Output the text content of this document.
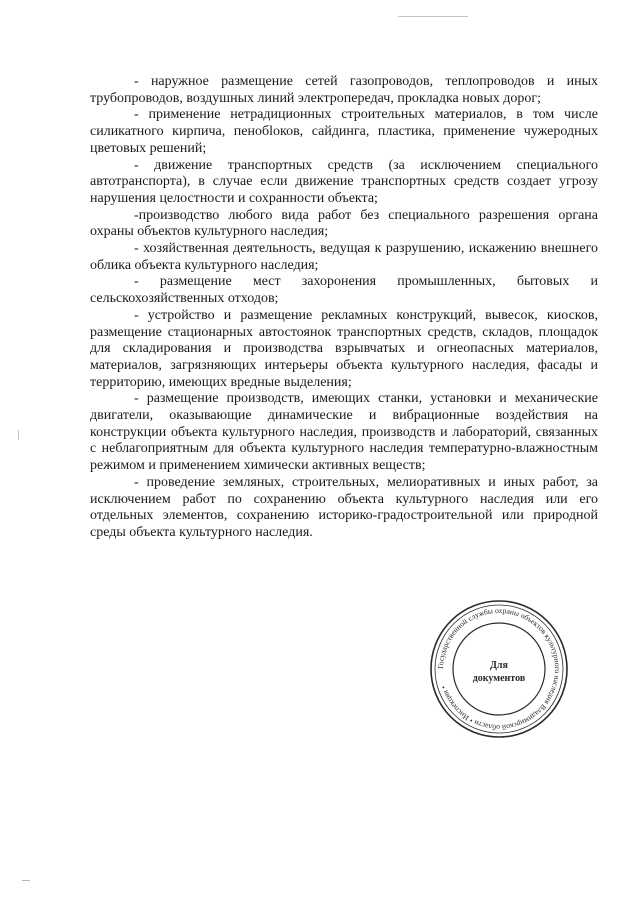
- наружное размещение сетей газопроводов, теплопроводов и иных трубопроводов, воздушных линий электропередач, прокладка новых дорог;

- применение нетрадиционных строительных материалов, в том числе силикатного кирпича, пенобloков, сайдинга, пластика, применение чужеродных цветовых решений;

- движение транспортных средств (за исключением специального автотранспорта), в случае если движение транспортных средств создает угрозу нарушения целостности и сохранности объекта;

-производство любого вида работ без специального разрешения органа охраны объектов культурного наследия;

- хозяйственная деятельность, ведущая к разрушению, искажению внешнего облика объекта культурного наследия;

- размещение мест захоронения промышленных, бытовых и сельскохозяйственных отходов;

- устройство и размещение рекламных конструкций, вывесок, киосков, размещение стационарных автостоянок транспортных средств, складов, площадок для складирования и производства взрывчатых и огнеопасных материалов, материалов, загрязняющих интерьеры объекта культурного наследия, фасады и территорию, имеющих вредные выделения;

- размещение производств, имеющих станки, установки и механические двигатели, оказывающие динамические и вибрационные воздействия на конструкции объекта культурного наследия, производств и лабораторий, связанных с неблагоприятным для объекта культурного наследия температурно-влажностным режимом и применением химически активных веществ;

- проведение земляных, строительных, мелиоративных и иных работ, за исключением работ по сохранению объекта культурного наследия или его отдельных элементов, сохранению историко-градостроительной или природной среды объекта культурного наследия.

Государственной службы охраны объектов культурного наследия Владимирской области • Инспекция •
Для
документов
